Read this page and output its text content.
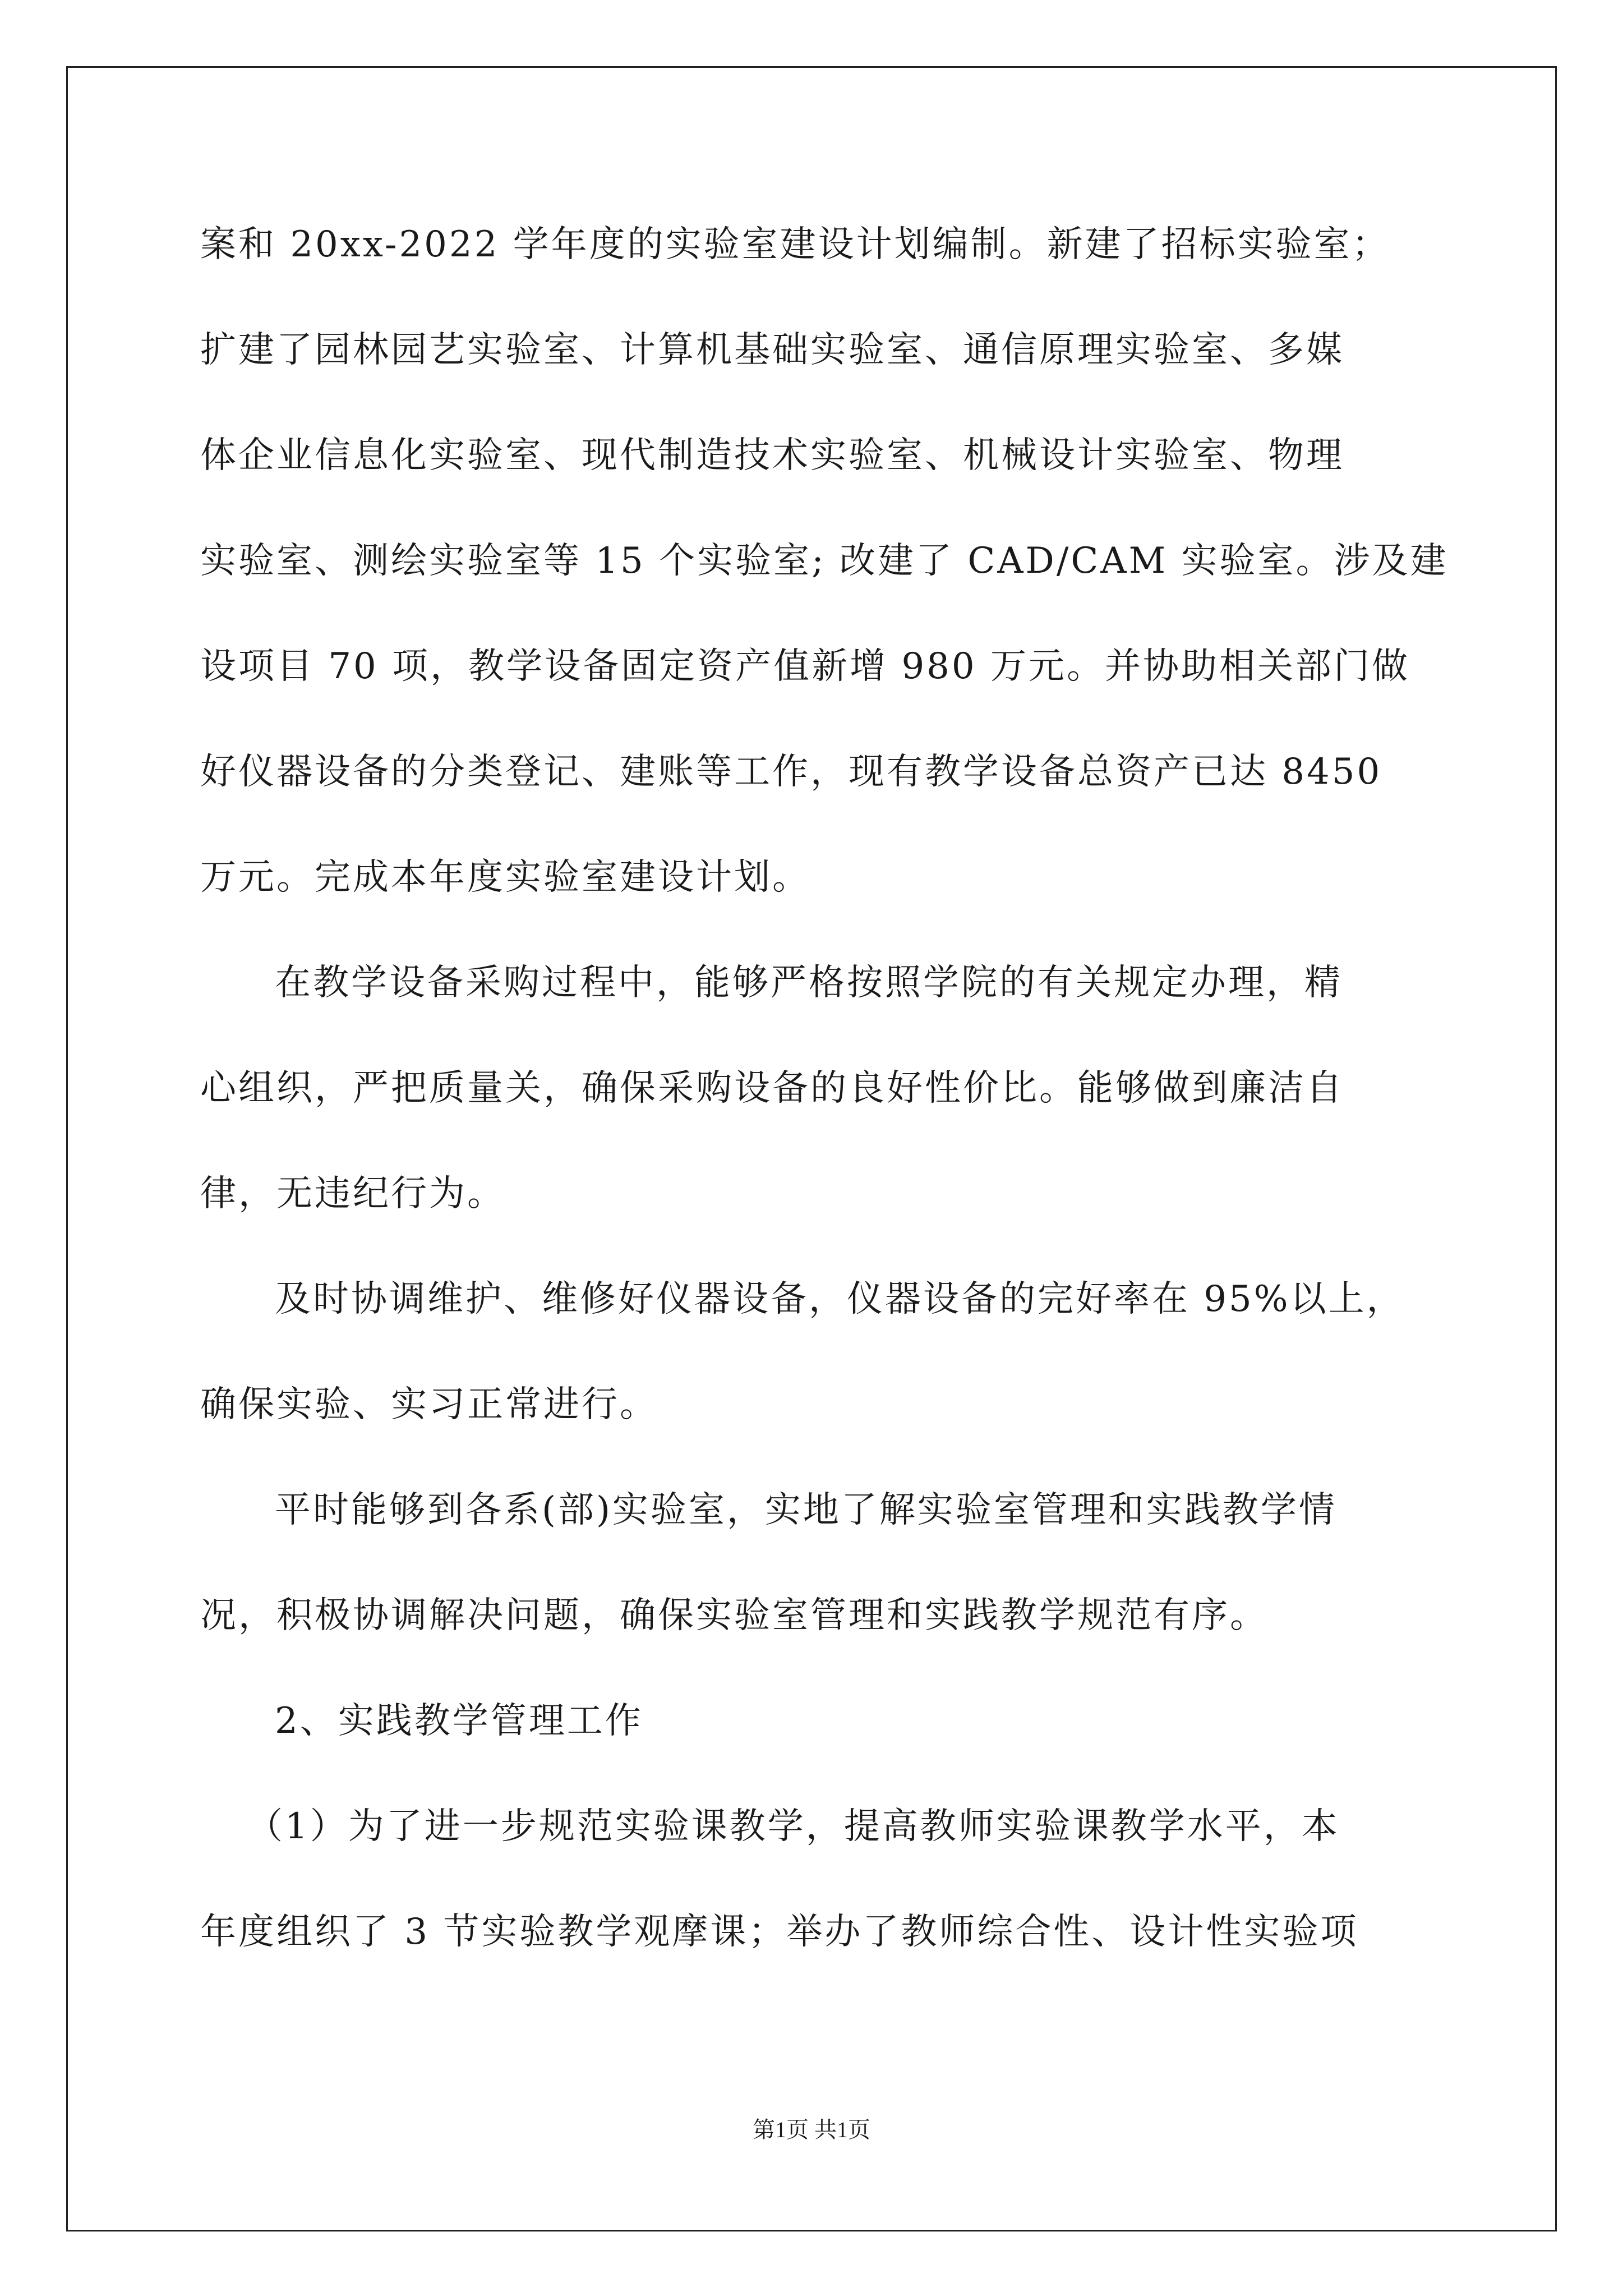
案和 20xx-2022 学年度的实验室建设计划编制。新建了招标实验室；
扩建了园林园艺实验室、计算机基础实验室、通信原理实验室、多媒
体企业信息化实验室、现代制造技术实验室、机械设计实验室、物理
实验室、测绘实验室等 15 个实验室; 改建了 CAD/CAM 实验室。涉及建
设项目 70 项，教学设备固定资产值新增 980 万元。并协助相关部门做
好仪器设备的分类登记、建账等工作，现有教学设备总资产已达 8450
万元。完成本年度实验室建设计划。
在教学设备采购过程中，能够严格按照学院的有关规定办理，精
心组织，严把质量关，确保采购设备的良好性价比。能够做到廉洁自
律，无违纪行为。
及时协调维护、维修好仪器设备，仪器设备的完好率在 95%以上，
确保实验、实习正常进行。
平时能够到各系(部)实验室，实地了解实验室管理和实践教学情
况，积极协调解决问题，确保实验室管理和实践教学规范有序。
2、实践教学管理工作
（1）为了进一步规范实验课教学，提高教师实验课教学水平，本
年度组织了 3 节实验教学观摩课；举办了教师综合性、设计性实验项
第1页 共1页
